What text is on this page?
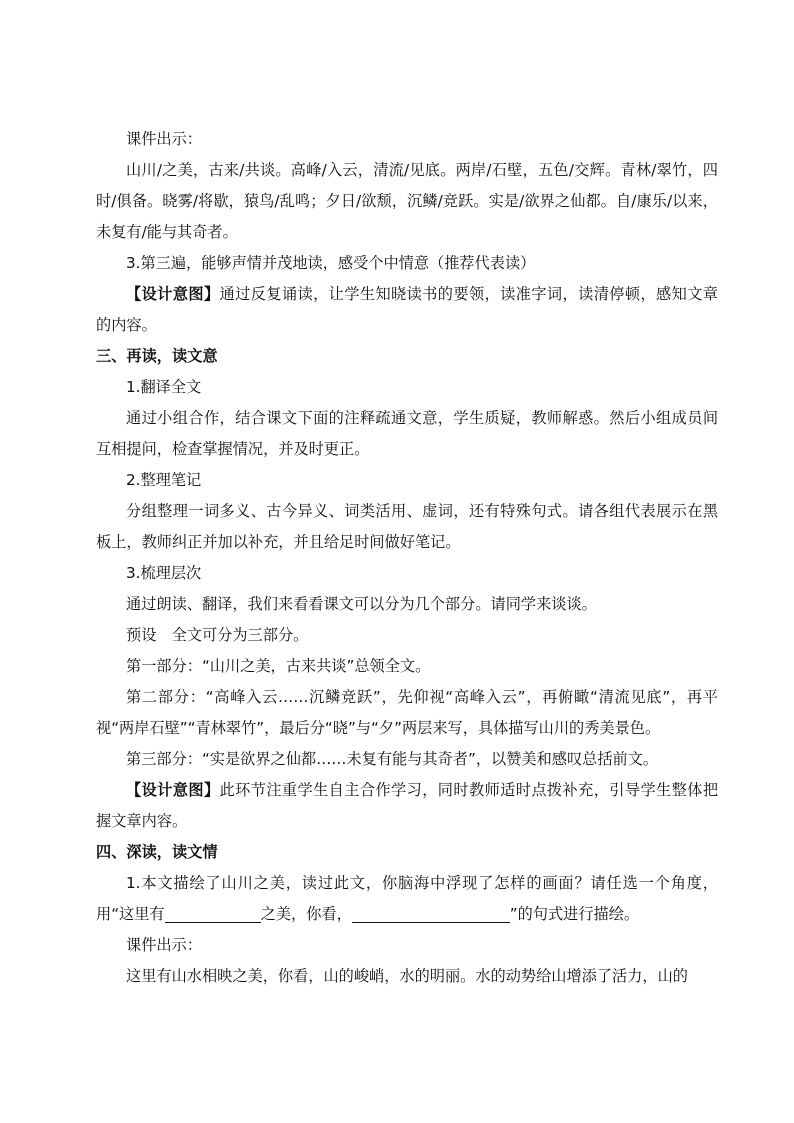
课件出示：

山川/之美，古来/共谈。高峰/入云，清流/见底。两岸/石壁，五色/交辉。青林/翠竹，四时/俱备。晓雾/将歇，猿鸟/乱鸣；夕日/欲颓，沉鳞/竞跃。实是/欲界之仙都。自/康乐/以来，未复有/能与其奇者。

3.第三遍，能够声情并茂地读，感受个中情意（推荐代表读）

【设计意图】通过反复诵读，让学生知晓读书的要领，读准字词，读清停顿，感知文章的内容。

三、再读，读文意

1.翻译全文

通过小组合作，结合课文下面的注释疏通文意，学生质疑，教师解惑。然后小组成员间互相提问，检查掌握情况，并及时更正。

2.整理笔记

分组整理一词多义、古今异义、词类活用、虚词，还有特殊句式。请各组代表展示在黑板上，教师纠正并加以补充，并且给足时间做好笔记。

3.梳理层次

通过朗读、翻译，我们来看看课文可以分为几个部分。请同学来谈谈。

预设　全文可分为三部分。

第一部分：“山川之美，古来共谈”总领全文。

第二部分：“高峰入云……沉鳞竞跃”，先仰视“高峰入云”，再俯瞰“清流见底”，再平视“两岸石壁”“青林翠竹”，最后分“晓”与“夕”两层来写，具体描写山川的秀美景色。

第三部分：“实是欲界之仙都……未复有能与其奇者”，以赞美和感叹总括前文。

【设计意图】此环节注重学生自主合作学习，同时教师适时点拨补充，引导学生整体把握文章内容。

四、深读，读文情

1.本文描绘了山川之美，读过此文，你脑海中浮现了怎样的画面？请任选一个角度，用“这里有	之美，你看，	”的句式进行描绘。

课件出示：

这里有山水相映之美，你看，山的峻峭，水的明丽。水的动势给山增添了活力，山的
